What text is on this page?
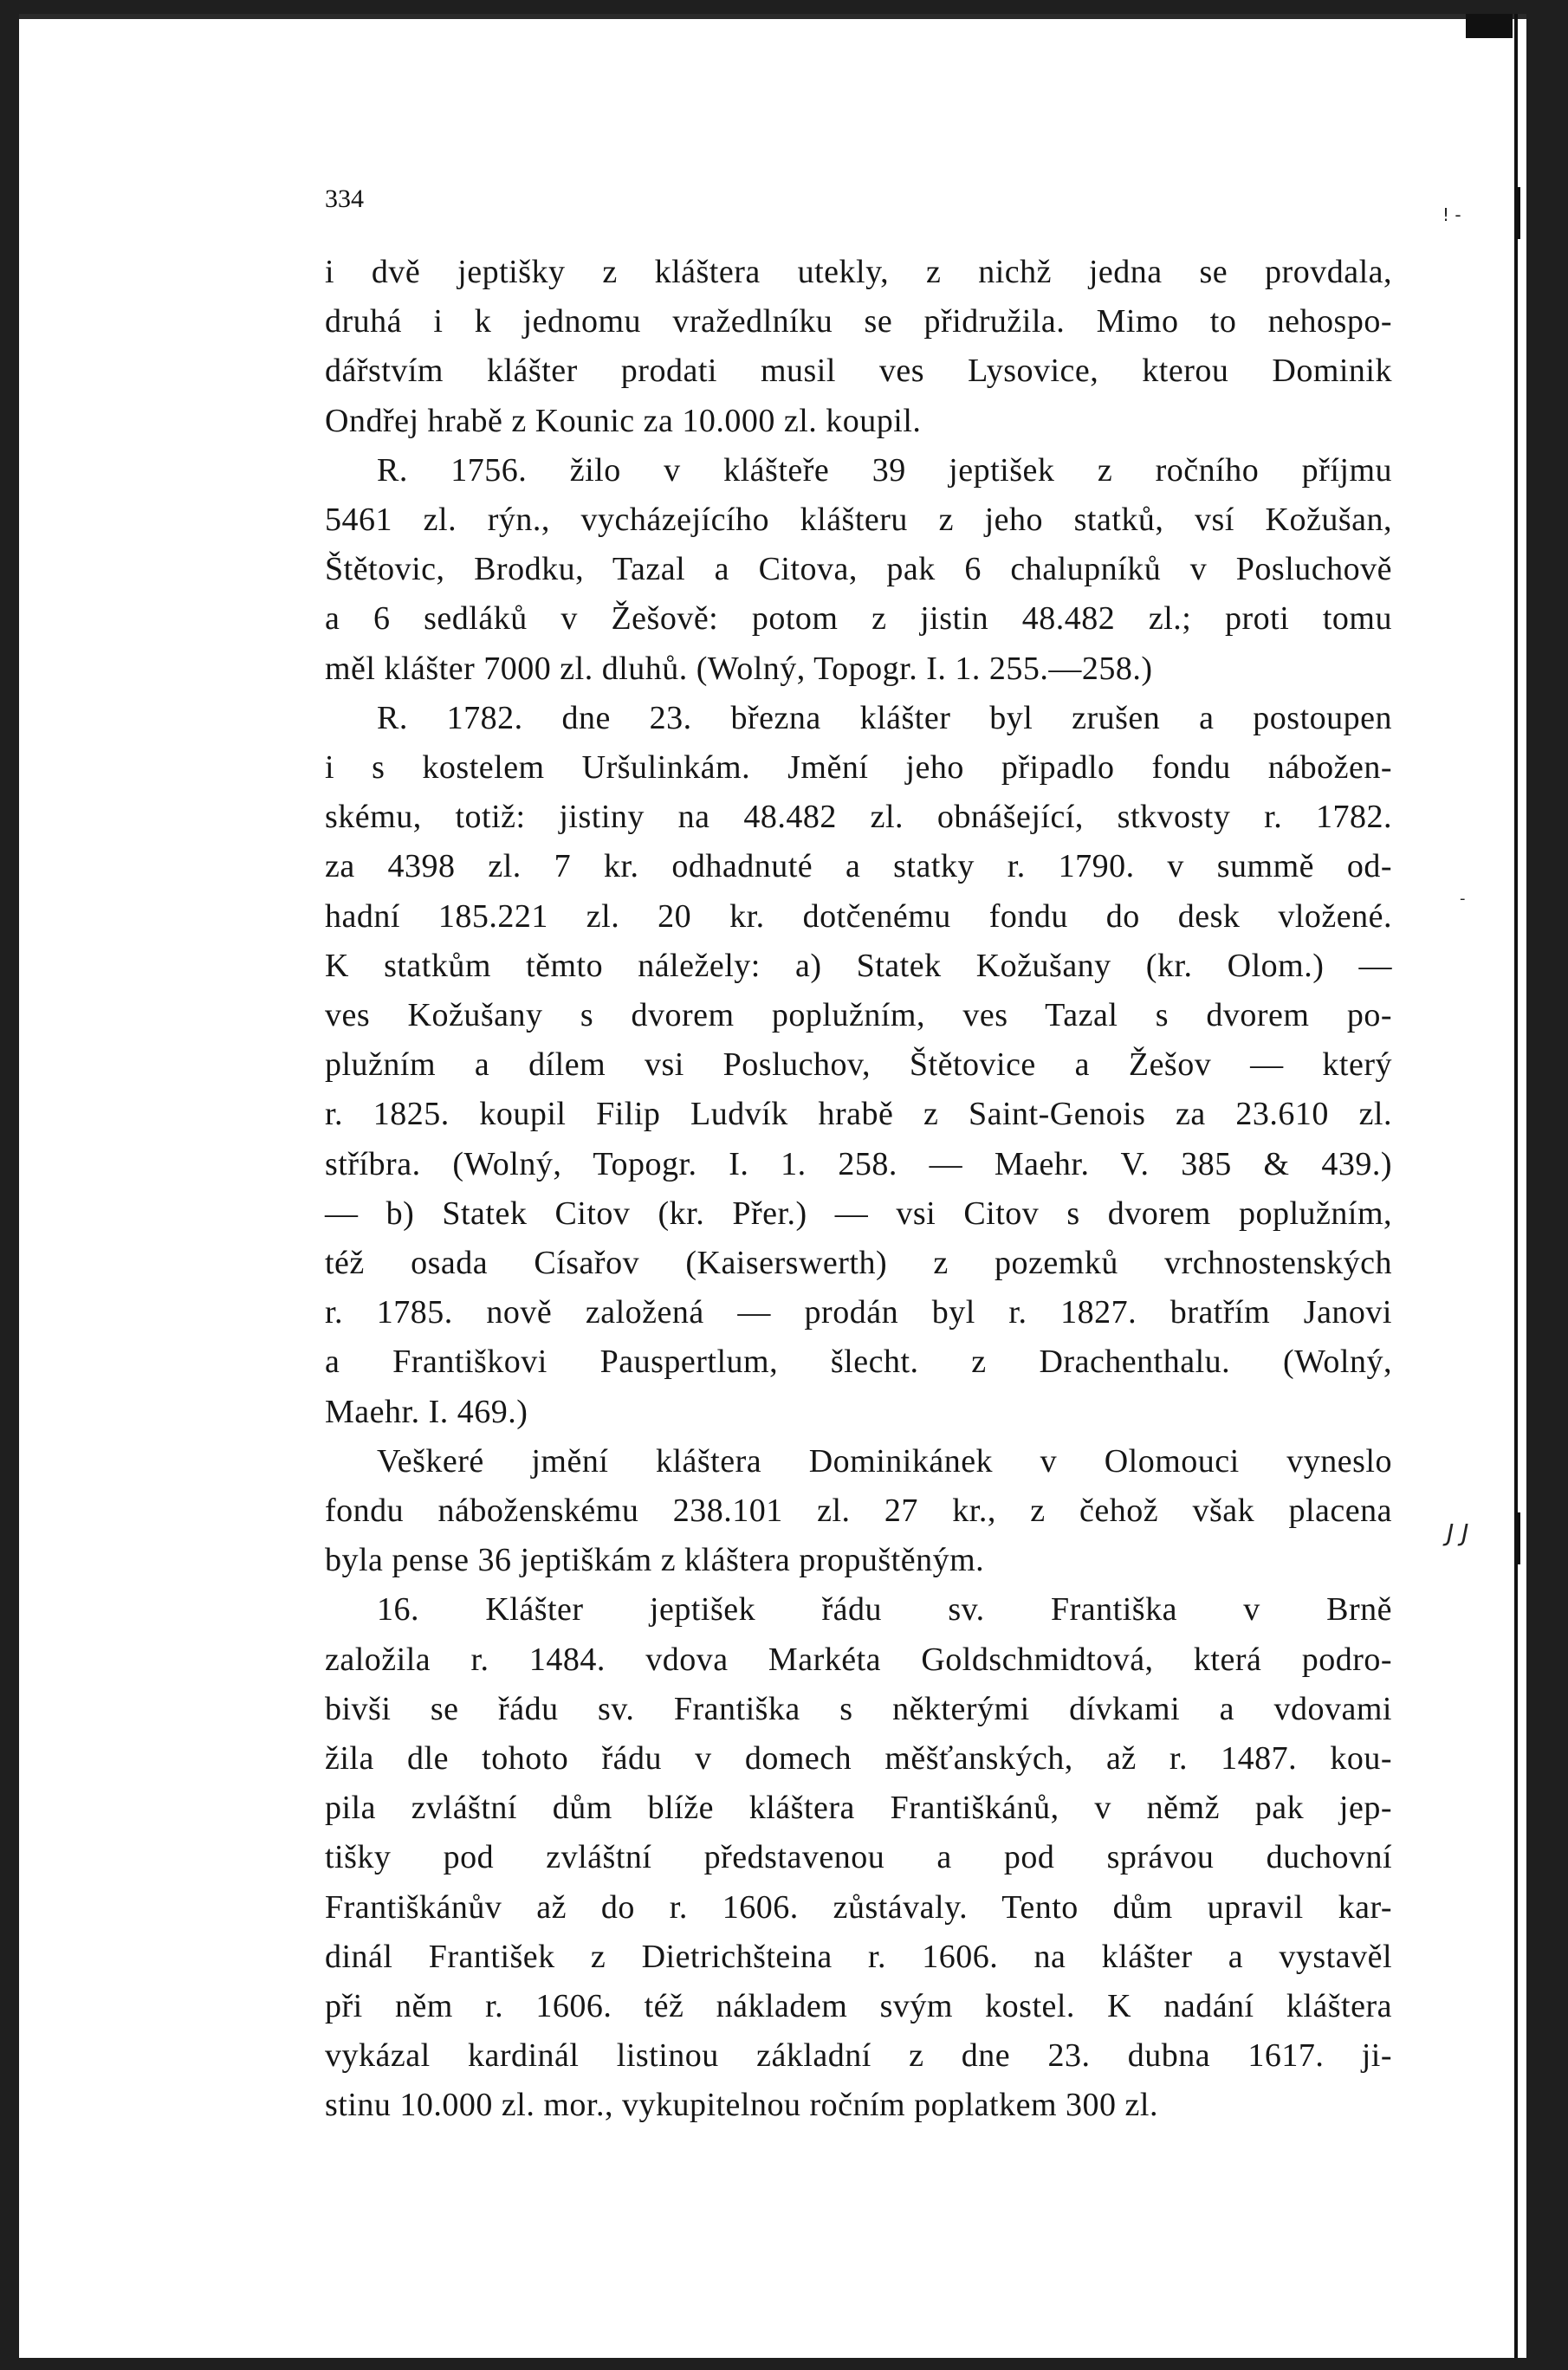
334
! -
-
J J
i dvě jeptišky z kláštera utekly, z nichž jedna se provdala,
druhá i k jednomu vražedlníku se přidružila. Mimo to nehospo-
dářstvím klášter prodati musil ves Lysovice, kterou Dominik
Ondřej hrabě z Kounic za 10.000 zl. koupil.
R. 1756. žilo v klášteře 39 jeptišek z ročního příjmu
5461 zl. rýn., vycházejícího klášteru z jeho statků, vsí Kožušan,
Štětovic, Brodku, Tazal a Citova, pak 6 chalupníků v Posluchově
a 6 sedláků v Žešově: potom z jistin 48.482 zl.; proti tomu
měl klášter 7000 zl. dluhů. (Wolný, Topogr. I. 1. 255.—258.)
R. 1782. dne 23. března klášter byl zrušen a postoupen
i s kostelem Uršulinkám. Jmění jeho připadlo fondu nábožen-
skému, totiž: jistiny na 48.482 zl. obnášející, stkvosty r. 1782.
za 4398 zl. 7 kr. odhadnuté a statky r. 1790. v summě od-
hadní 185.221 zl. 20 kr. dotčenému fondu do desk vložené.
K statkům těmto náležely: a) Statek Kožušany (kr. Olom.) —
ves Kožušany s dvorem poplužním, ves Tazal s dvorem po-
plužním a dílem vsi Posluchov, Štětovice a Žešov — který
r. 1825. koupil Filip Ludvík hrabě z Saint-Genois za 23.610 zl.
stříbra. (Wolný, Topogr. I. 1. 258. — Maehr. V. 385 & 439.)
— b) Statek Citov (kr. Přer.) — vsi Citov s dvorem poplužním,
též osada Císařov (Kaiserswerth) z pozemků vrchnostenských
r. 1785. nově založená — prodán byl r. 1827. bratřím Janovi
a Františkovi Pauspertlum, šlecht. z Drachenthalu. (Wolný,
Maehr. I. 469.)
Veškeré jmění kláštera Dominikánek v Olomouci vyneslo
fondu náboženskému 238.101 zl. 27 kr., z čehož však placena
byla pense 36 jeptiškám z kláštera propuštěným.
16. Klášter jeptišek řádu sv. Františka v Brně
založila r. 1484. vdova Markéta Goldschmidtová, která podro-
bivši se řádu sv. Františka s některými dívkami a vdovami
žila dle tohoto řádu v domech měšťanských, až r. 1487. kou-
pila zvláštní dům blíže kláštera Františkánů, v němž pak jep-
tišky pod zvláštní představenou a pod správou duchovní
Františkánův až do r. 1606. zůstávaly. Tento dům upravil kar-
dinál František z Dietrichšteina r. 1606. na klášter a vystavěl
při něm r. 1606. též nákladem svým kostel. K nadání kláštera
vykázal kardinál listinou základní z dne 23. dubna 1617. ji-
stinu 10.000 zl. mor., vykupitelnou ročním poplatkem 300 zl.
